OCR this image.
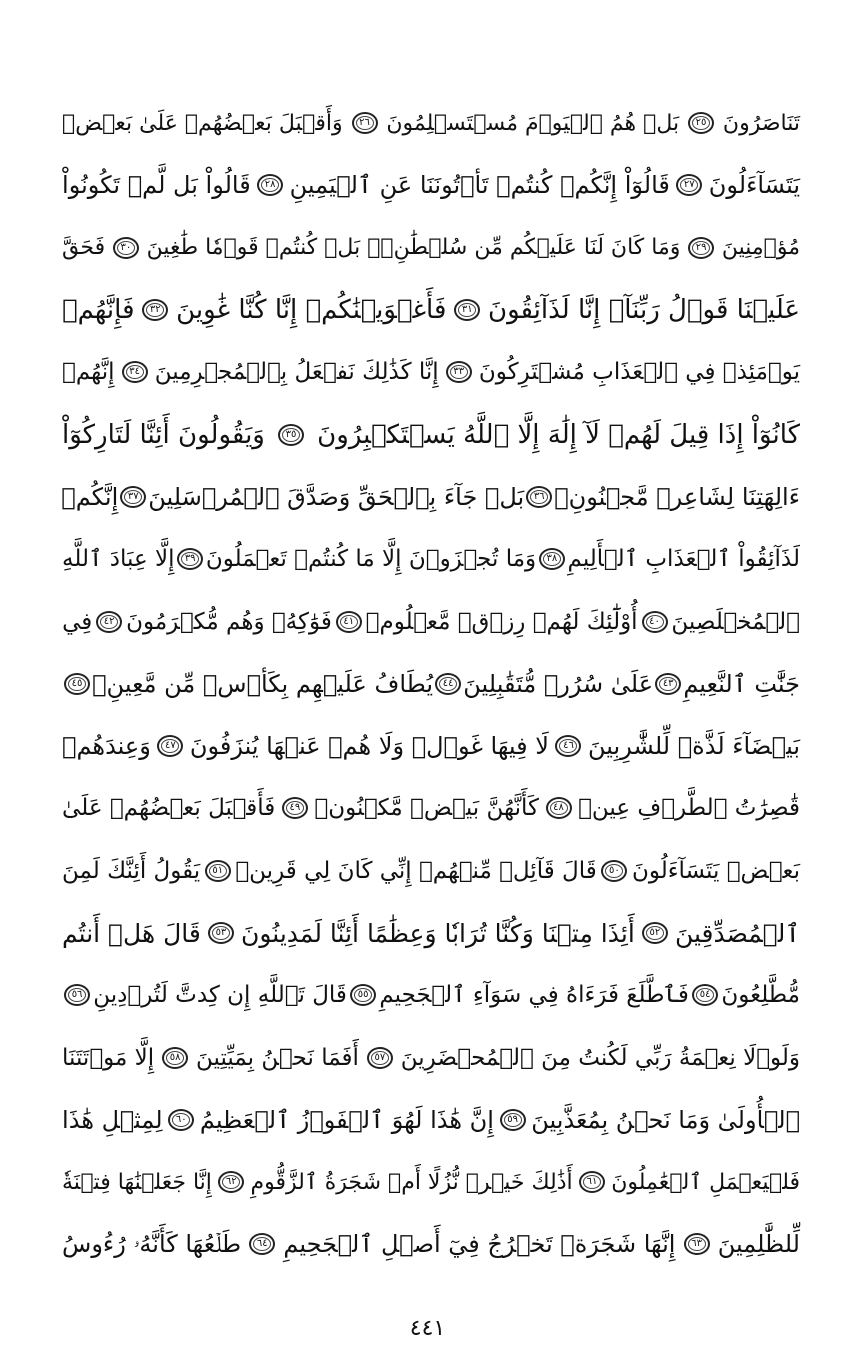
تَنَاصَرُونَ
٢٥
بَلۡ هُمُ ٱلۡيَوۡمَ مُسۡتَسۡلِمُونَ
٢٦
وَأَقۡبَلَ بَعۡضُهُمۡ عَلَىٰ بَعۡضٖ
يَتَسَآءَلُونَ
٢٧
قَالُوٓاْ إِنَّكُمۡ كُنتُمۡ تَأۡتُونَنَا عَنِ ٱلۡيَمِينِ
٢٨
قَالُواْ بَل لَّمۡ تَكُونُواْ
مُؤۡمِنِينَ
٢٩
وَمَا كَانَ لَنَا عَلَيۡكُم مِّن سُلۡطَٰنِۭۖ بَلۡ كُنتُمۡ قَوۡمٗا طَٰغِينَ
٣٠
فَحَقَّ
عَلَيۡنَا قَوۡلُ رَبِّنَآۖ إِنَّا لَذَآئِقُونَ
٣١
فَأَغۡوَيۡنَٰكُمۡ إِنَّا كُنَّا غَٰوِينَ
٣٢
فَإِنَّهُمۡ
يَوۡمَئِذٖ فِي ٱلۡعَذَابِ مُشۡتَرِكُونَ
٣٣
إِنَّا كَذَٰلِكَ نَفۡعَلُ بِٱلۡمُجۡرِمِينَ
٣٤
إِنَّهُمۡ
كَانُوٓاْ إِذَا قِيلَ لَهُمۡ لَآ إِلَٰهَ إِلَّا ٱللَّهُ يَسۡتَكۡبِرُونَ
٣٥
وَيَقُولُونَ أَئِنَّا لَتَارِكُوٓاْ
ءَالِهَتِنَا لِشَاعِرٖ مَّجۡنُونِۭ
٣٦
بَلۡ جَآءَ بِٱلۡحَقِّ وَصَدَّقَ ٱلۡمُرۡسَلِينَ
٣٧
إِنَّكُمۡ
لَذَآئِقُواْ ٱلۡعَذَابِ ٱلۡأَلِيمِ
٣٨
وَمَا تُجۡزَوۡنَ إِلَّا مَا كُنتُمۡ تَعۡمَلُونَ
٣٩
إِلَّا عِبَادَ ٱللَّهِ
ٱلۡمُخۡلَصِينَ
٤٠
أُوْلَٰٓئِكَ لَهُمۡ رِزۡقٞ مَّعۡلُومٞ
٤١
فَوَٰكِهُۖ وَهُم مُّكۡرَمُونَ
٤٢
فِي
جَنَّٰتِ ٱلنَّعِيمِ
٤٣
عَلَىٰ سُرُرٖ مُّتَقَٰبِلِينَ
٤٤
يُطَافُ عَلَيۡهِم بِكَأۡسٖ مِّن مَّعِينِۭ
٤٥
بَيۡضَآءَ لَذَّةٖ لِّلشَّٰرِبِينَ
٤٦
لَا فِيهَا غَوۡلٞ وَلَا هُمۡ عَنۡهَا يُنزَفُونَ
٤٧
وَعِندَهُمۡ
قَٰصِرَٰتُ ٱلطَّرۡفِ عِينٞ
٤٨
كَأَنَّهُنَّ بَيۡضٞ مَّكۡنُونٞ
٤٩
فَأَقۡبَلَ بَعۡضُهُمۡ عَلَىٰ
بَعۡضٖ يَتَسَآءَلُونَ
٥٠
قَالَ قَآئِلٞ مِّنۡهُمۡ إِنِّي كَانَ لِي قَرِينٞ
٥١
يَقُولُ أَئِنَّكَ لَمِنَ
ٱلۡمُصَدِّقِينَ
٥٢
أَئِذَا مِتۡنَا وَكُنَّا تُرَابٗا وَعِظَٰمًا أَئِنَّا لَمَدِينُونَ
٥٣
قَالَ هَلۡ أَنتُم
مُّطَّلِعُونَ
٥٤
فَٱطَّلَعَ فَرَءَاهُ فِي سَوَآءِ ٱلۡجَحِيمِ
٥٥
قَالَ تَٱللَّهِ إِن كِدتَّ لَتُرۡدِينِ
٥٦
وَلَوۡلَا نِعۡمَةُ رَبِّي لَكُنتُ مِنَ ٱلۡمُحۡضَرِينَ
٥٧
أَفَمَا نَحۡنُ بِمَيِّتِينَ
٥٨
إِلَّا مَوۡتَتَنَا
ٱلۡأُولَىٰ وَمَا نَحۡنُ بِمُعَذَّبِينَ
٥٩
إِنَّ هَٰذَا لَهُوَ ٱلۡفَوۡزُ ٱلۡعَظِيمُ
٦٠
لِمِثۡلِ هَٰذَا
فَلۡيَعۡمَلِ ٱلۡعَٰمِلُونَ
٦١
أَذَٰلِكَ خَيۡرٞ نُّزُلًا أَمۡ شَجَرَةُ ٱلزَّقُّومِ
٦٢
إِنَّا جَعَلۡنَٰهَا فِتۡنَةٗ
لِّلظَّٰلِمِينَ
٦٣
إِنَّهَا شَجَرَةٞ تَخۡرُجُ فِيٓ أَصۡلِ ٱلۡجَحِيمِ
٦٤
طَلۡعُهَا كَأَنَّهُۥ رُءُوسُ
٤٤١
